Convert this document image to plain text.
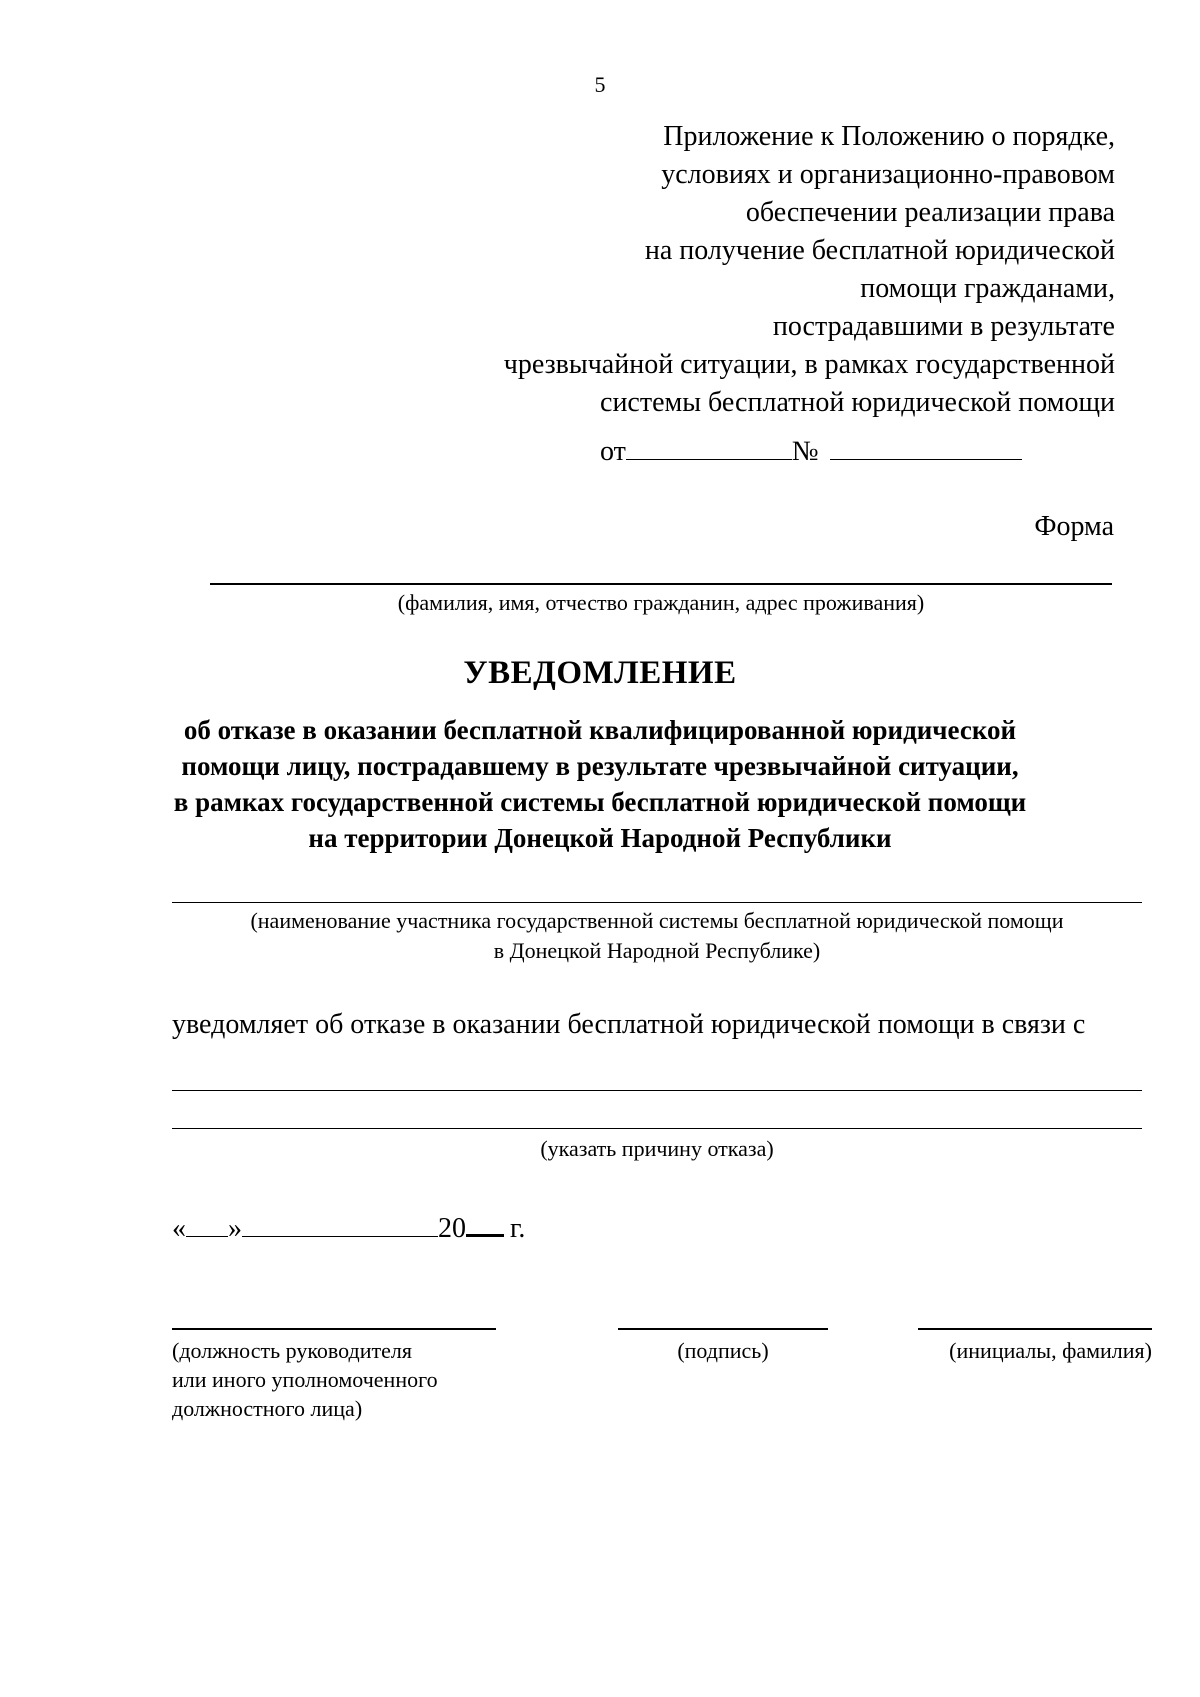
5
Приложение к Положению о порядке,
условиях и организационно-правовом
обеспечении реализации права
на получение бесплатной юридической
помощи гражданами,
пострадавшими в результате
чрезвычайной ситуации, в рамках государственной
системы бесплатной юридической помощи
от	№
Форма
(фамилия, имя, отчество гражданин, адрес проживания)
УВЕДОМЛЕНИЕ
об отказе в оказании бесплатной квалифицированной юридической
помощи лицу, пострадавшему в результате чрезвычайной ситуации,
в рамках государственной системы бесплатной юридической помощи
на территории Донецкой Народной Республики
(наименование участника государственной системы бесплатной юридической помощи
в Донецкой Народной Республике)
уведомляет об отказе в оказании бесплатной юридической помощи в связи с
(указать причину отказа)
« »	20 г.
(должность руководителя
или иного уполномоченного
должностного лица)
(подпись)	(инициалы, фамилия)
